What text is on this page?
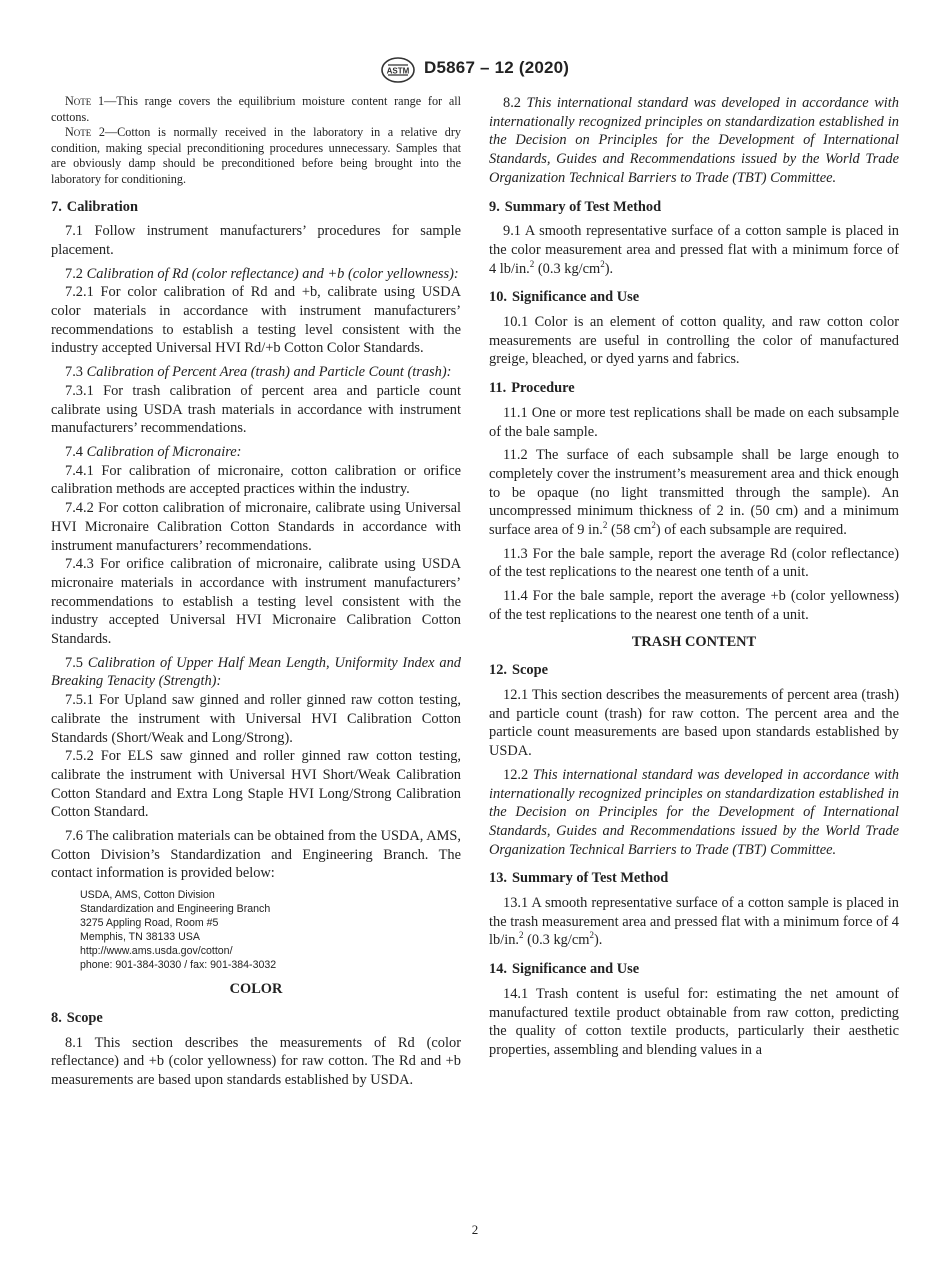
ASTM D5867 – 12 (2020)

Note 1—This range covers the equilibrium moisture content range for all cottons.

Note 2—Cotton is normally received in the laboratory in a relative dry condition, making special preconditioning procedures unnecessary. Samples that are obviously damp should be preconditioned before being brought into the laboratory for conditioning.

7. Calibration

7.1 Follow instrument manufacturers’ procedures for sample placement.

7.2 Calibration of Rd (color reflectance) and +b (color yellowness):

7.2.1 For color calibration of Rd and +b, calibrate using USDA color materials in accordance with instrument manufacturers’ recommendations to establish a testing level consistent with the industry accepted Universal HVI Rd/+b Cotton Color Standards.

7.3 Calibration of Percent Area (trash) and Particle Count (trash):

7.3.1 For trash calibration of percent area and particle count calibrate using USDA trash materials in accordance with instrument manufacturers’ recommendations.

7.4 Calibration of Micronaire:

7.4.1 For calibration of micronaire, cotton calibration or orifice calibration methods are accepted practices within the industry.

7.4.2 For cotton calibration of micronaire, calibrate using Universal HVI Micronaire Calibration Cotton Standards in accordance with instrument manufacturers’ recommendations.

7.4.3 For orifice calibration of micronaire, calibrate using USDA micronaire materials in accordance with instrument manufacturers’ recommendations to establish a testing level consistent with the industry accepted Universal HVI Micronaire Calibration Cotton Standards.

7.5 Calibration of Upper Half Mean Length, Uniformity Index and Breaking Tenacity (Strength):

7.5.1 For Upland saw ginned and roller ginned raw cotton testing, calibrate the instrument with Universal HVI Calibration Cotton Standards (Short/Weak and Long/Strong).

7.5.2 For ELS saw ginned and roller ginned raw cotton testing, calibrate the instrument with Universal HVI Short/Weak Calibration Cotton Standard and Extra Long Staple HVI Long/Strong Calibration Cotton Standard.

7.6 The calibration materials can be obtained from the USDA, AMS, Cotton Division’s Standardization and Engineering Branch. The contact information is provided below:

USDA, AMS, Cotton Division
Standardization and Engineering Branch
3275 Appling Road, Room #5
Memphis, TN 38133 USA
http://www.ams.usda.gov/cotton/
phone: 901-384-3030 / fax: 901-384-3032
COLOR
8. Scope

8.1 This section describes the measurements of Rd (color reflectance) and +b (color yellowness) for raw cotton. The Rd and +b measurements are based upon standards established by USDA.

8.2 This international standard was developed in accordance with internationally recognized principles on standardization established in the Decision on Principles for the Development of International Standards, Guides and Recommendations issued by the World Trade Organization Technical Barriers to Trade (TBT) Committee.

9. Summary of Test Method

9.1 A smooth representative surface of a cotton sample is placed in the color measurement area and pressed flat with a minimum force of 4 lb/in.$^2$ (0.3 $kg/cm^2$).

10. Significance and Use

10.1 Color is an element of cotton quality, and raw cotton color measurements are useful in controlling the color of manufactured greige, bleached, or dyed yarns and fabrics.

11. Procedure

11.1 One or more test replications shall be made on each subsample of the bale sample.

11.2 The surface of each subsample shall be large enough to completely cover the instrument’s measurement area and thick enough to be opaque (no light transmitted through the sample). An uncompressed minimum thickness of 2 in. (50 cm) and a minimum surface area of 9 in.$^2$ (58 $cm^2$) of each subsample are required.

11.3 For the bale sample, report the average Rd (color reflectance) of the test replications to the nearest one tenth of a unit.

11.4 For the bale sample, report the average +b (color yellowness) of the test replications to the nearest one tenth of a unit.

TRASH CONTENT
12. Scope

12.1 This section describes the measurements of percent area (trash) and particle count (trash) for raw cotton. The percent area and the particle count measurements are based upon standards established by USDA.

12.2 This international standard was developed in accordance with internationally recognized principles on standardization established in the Decision on Principles for the Development of International Standards, Guides and Recommendations issued by the World Trade Organization Technical Barriers to Trade (TBT) Committee.

13. Summary of Test Method

13.1 A smooth representative surface of a cotton sample is placed in the trash measurement area and pressed flat with a minimum force of 4 lb/in.$^2$ (0.3 $kg/cm^2$).

14. Significance and Use

14.1 Trash content is useful for: estimating the net amount of manufactured textile product obtainable from raw cotton, predicting the quality of cotton textile products, particularly their aesthetic properties, assembling and blending values in a

2
